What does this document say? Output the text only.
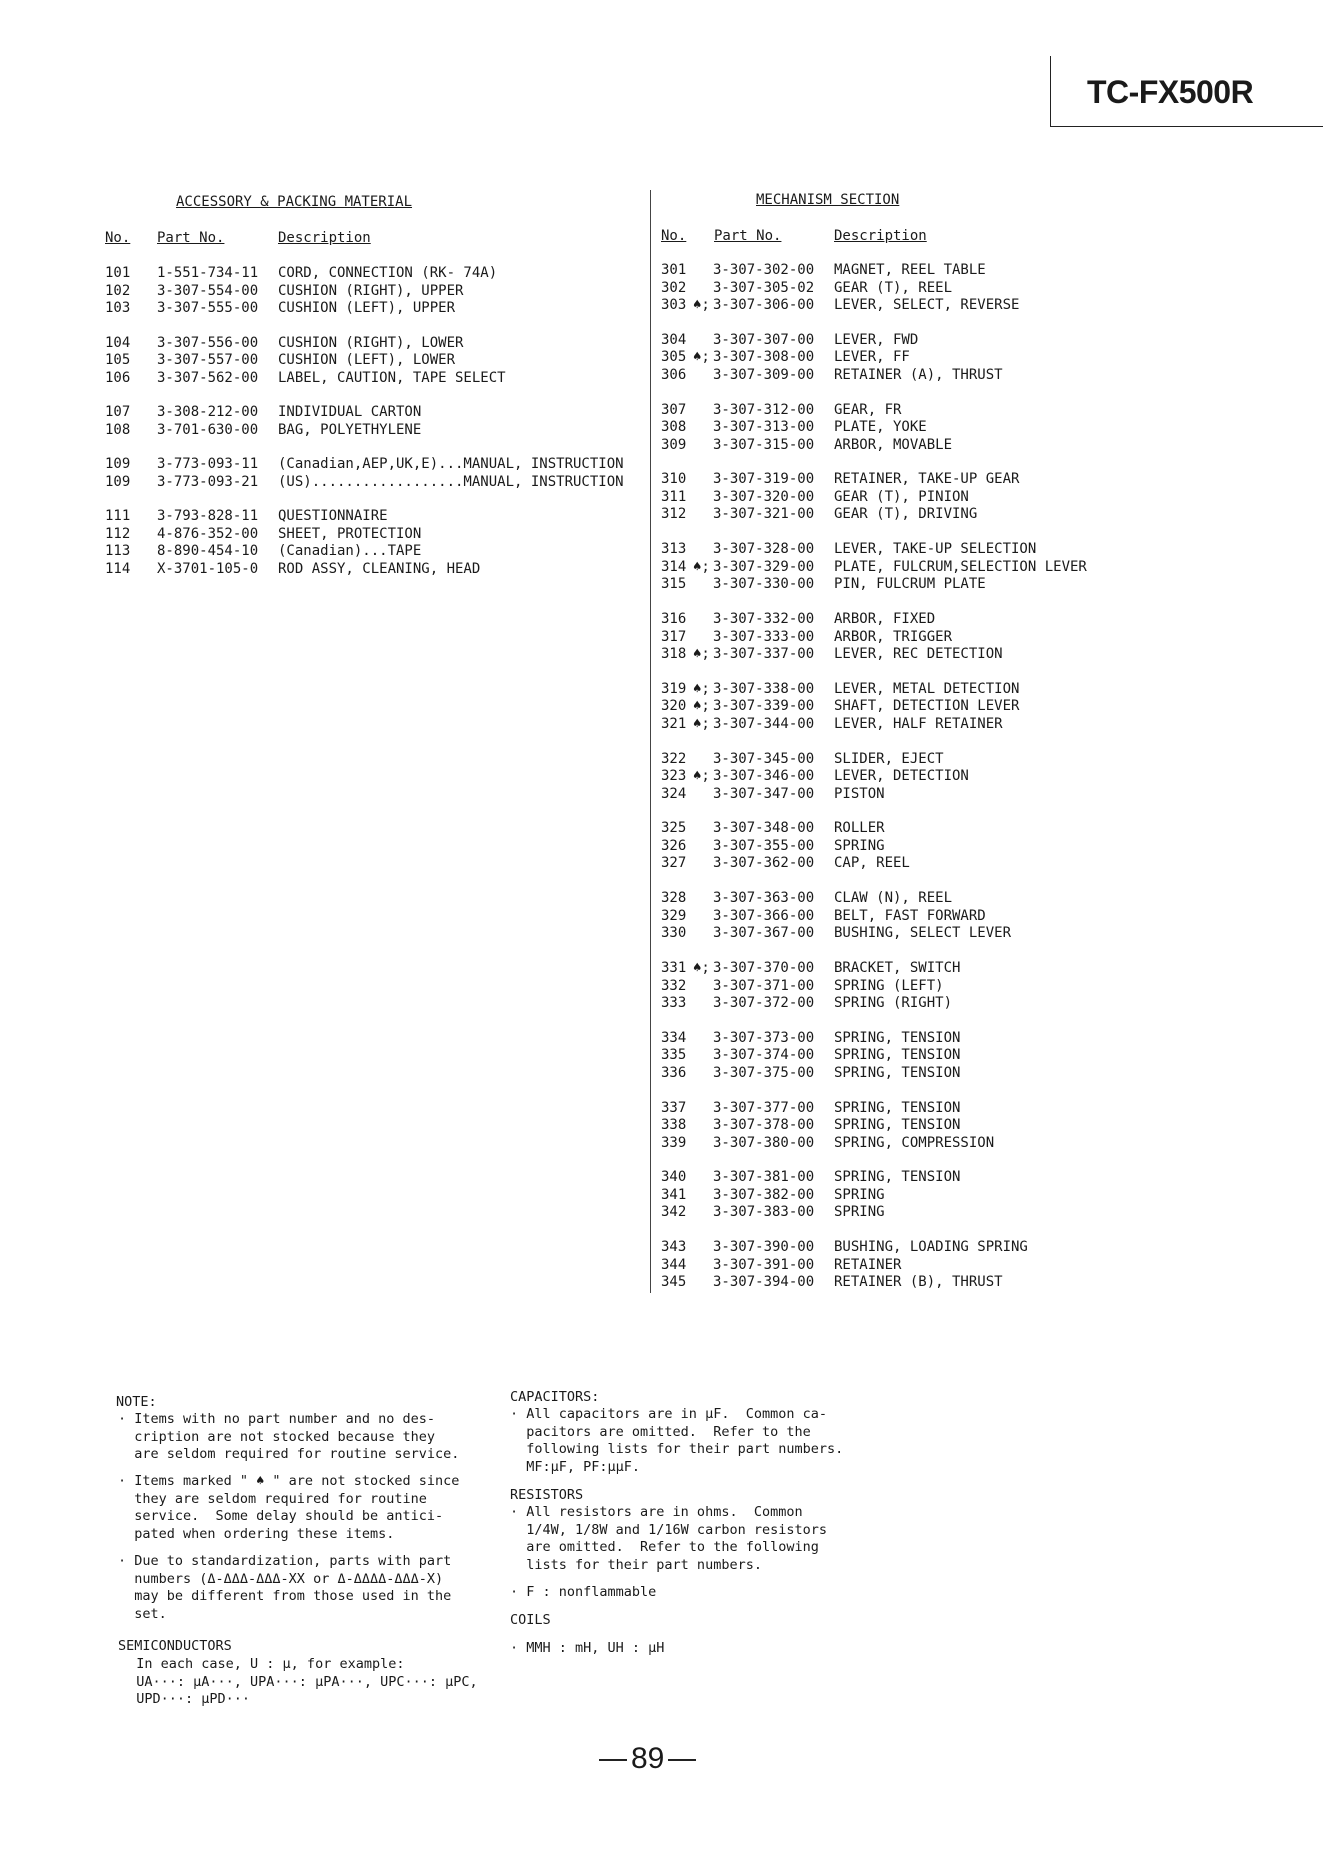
TC-FX500R
ACCESSORY & PACKING MATERIAL
No. Part No.	Description
101 1-551-734-11 CORD, CONNECTION (RK- 74A)
102 3-307-554-00 CUSHION (RIGHT), UPPER
103 3-307-555-00 CUSHION (LEFT), UPPER
104 3-307-556-00 CUSHION (RIGHT), LOWER
105 3-307-557-00 CUSHION (LEFT), LOWER
106 3-307-562-00 LABEL, CAUTION, TAPE SELECT
107 3-308-212-00 INDIVIDUAL CARTON
108 3-701-630-00 BAG, POLYETHYLENE
109 3-773-093-11 (Canadian,AEP,UK,E)...MANUAL, INSTRUCTION
109 3-773-093-21 (US)..................MANUAL, INSTRUCTION
111 3-793-828-11 QUESTIONNAIRE
112 4-876-352-00 SHEET, PROTECTION
113 8-890-454-10 (Canadian)...TAPE
114 X-3701-105-0 ROD ASSY, CLEANING, HEAD
MECHANISM SECTION
No. Part No.	Description
301 3-307-302-00 MAGNET, REEL TABLE
302 3-307-305-02 GEAR (T), REEL
303 ♠; 3-307-306-00 LEVER, SELECT, REVERSE
304 3-307-307-00 LEVER, FWD
305 ♠; 3-307-308-00 LEVER, FF
306 3-307-309-00 RETAINER (A), THRUST
307 3-307-312-00 GEAR, FR
308 3-307-313-00 PLATE, YOKE
309 3-307-315-00 ARBOR, MOVABLE
310 3-307-319-00 RETAINER, TAKE-UP GEAR
311 3-307-320-00 GEAR (T), PINION
312 3-307-321-00 GEAR (T), DRIVING
313 3-307-328-00 LEVER, TAKE-UP SELECTION
314 ♠; 3-307-329-00 PLATE, FULCRUM,SELECTION LEVER
315 3-307-330-00 PIN, FULCRUM PLATE
316 3-307-332-00 ARBOR, FIXED
317 3-307-333-00 ARBOR, TRIGGER
318 ♠; 3-307-337-00 LEVER, REC DETECTION
319 ♠; 3-307-338-00 LEVER, METAL DETECTION
320 ♠; 3-307-339-00 SHAFT, DETECTION LEVER
321 ♠; 3-307-344-00 LEVER, HALF RETAINER
322 3-307-345-00 SLIDER, EJECT
323 ♠; 3-307-346-00 LEVER, DETECTION
324 3-307-347-00 PISTON
325 3-307-348-00 ROLLER
326 3-307-355-00 SPRING
327 3-307-362-00 CAP, REEL
328 3-307-363-00 CLAW (N), REEL
329 3-307-366-00 BELT, FAST FORWARD
330 3-307-367-00 BUSHING, SELECT LEVER
331 ♠; 3-307-370-00 BRACKET, SWITCH
332 3-307-371-00 SPRING (LEFT)
333 3-307-372-00 SPRING (RIGHT)
334 3-307-373-00 SPRING, TENSION
335 3-307-374-00 SPRING, TENSION
336 3-307-375-00 SPRING, TENSION
337 3-307-377-00 SPRING, TENSION
338 3-307-378-00 SPRING, TENSION
339 3-307-380-00 SPRING, COMPRESSION
340 3-307-381-00 SPRING, TENSION
341 3-307-382-00 SPRING
342 3-307-383-00 SPRING
343 3-307-390-00 BUSHING, LOADING SPRING
344 3-307-391-00 RETAINER
345 3-307-394-00 RETAINER (B), THRUST
NOTE:
· Items with no part number and no des-
cription are not stocked because they
are seldom required for routine service.
· Items marked " ♠ " are not stocked since
they are seldom required for routine
service.  Some delay should be antici-
pated when ordering these items.
· Due to standardization, parts with part
numbers (Δ-ΔΔΔ-ΔΔΔ-XX or Δ-ΔΔΔΔ-ΔΔΔ-X)
may be different from those used in the
set.
SEMICONDUCTORS
In each case, U : μ, for example:
UA···: μA···, UPA···: μPA···, UPC···: μPC,
UPD···: μPD···
CAPACITORS:
· All capacitors are in μF.  Common ca-
pacitors are omitted.  Refer to the
following lists for their part numbers.
MF:μF, PF:μμF.
RESISTORS
· All resistors are in ohms.  Common
1/4W, 1/8W and 1/16W carbon resistors
are omitted.  Refer to the following
lists for their part numbers.
· F : nonflammable
COILS
· MMH : mH, UH : μH
89
